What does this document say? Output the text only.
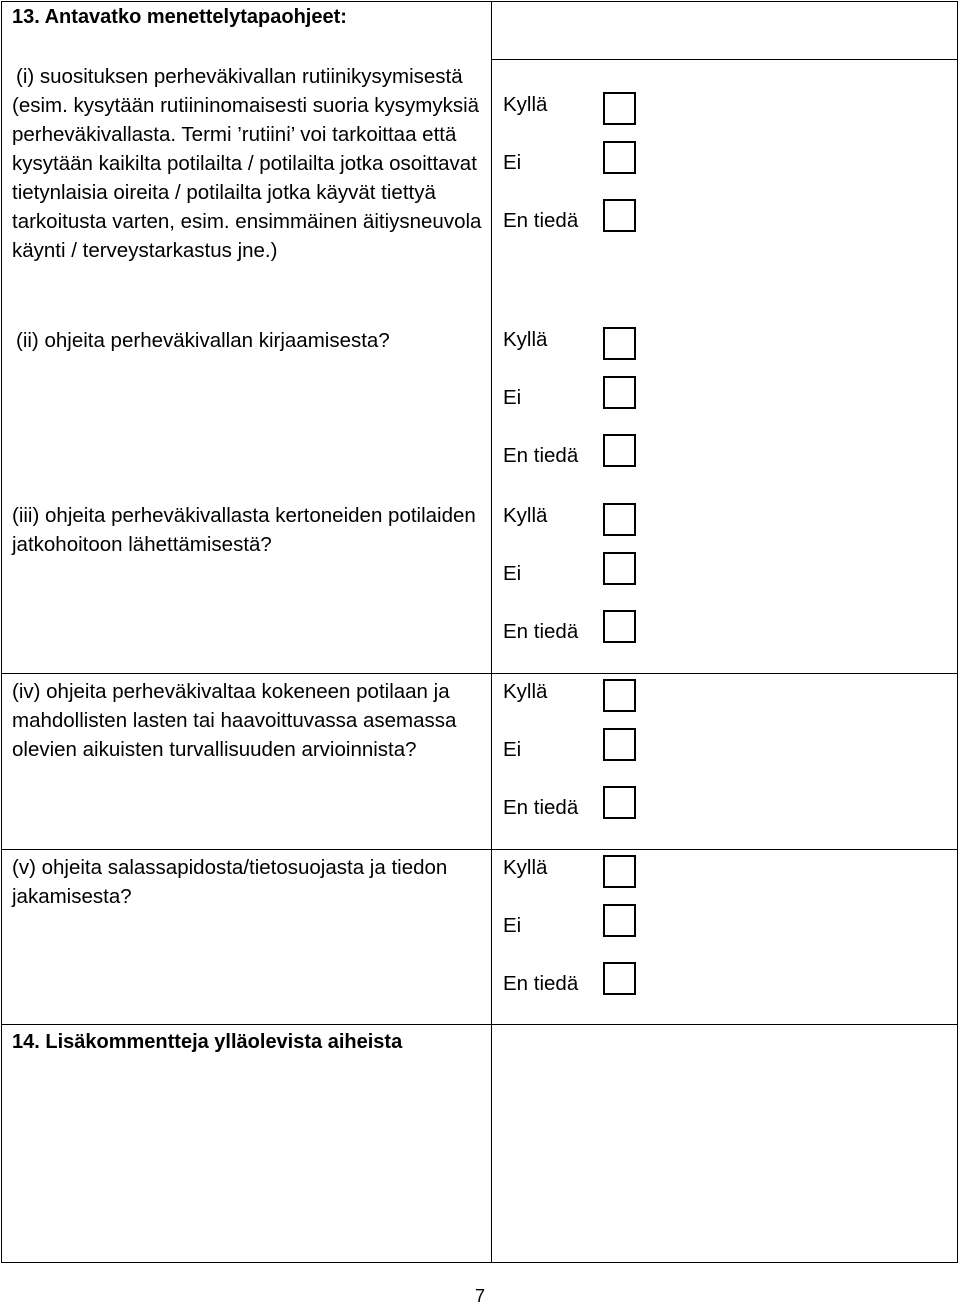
13. Antavatko menettelytapaohjeet:
(i) suosituksen perheväkivallan rutiinikysymisestä (esim. kysytään rutiininomaisesti suoria kysymyksiä perheväkivallasta. Termi ’rutiini’ voi tarkoittaa että kysytään kaikilta potilailta / potilailta jotka osoittavat tietynlaisia oireita / potilailta jotka käyvät tiettyä tarkoitusta varten, esim. ensimmäinen äitiysneuvola käynti / terveystarkastus jne.)
Kyllä
Ei
En tiedä
(ii) ohjeita perheväkivallan kirjaamisesta?	Kyllä
Ei
En tiedä
(iii) ohjeita perheväkivallasta kertoneiden potilaiden jatkohoitoon lähettämisestä?
Kyllä
Ei
En tiedä
(iv) ohjeita perheväkivaltaa kokeneen potilaan ja mahdollisten lasten tai haavoittuvassa asemassa olevien aikuisten turvallisuuden arvioinnista?
Kyllä
Ei
En tiedä
(v) ohjeita salassapidosta/tietosuojasta ja tiedon jakamisesta?
Kyllä
Ei
En tiedä
14. Lisäkommentteja ylläolevista aiheista
7
